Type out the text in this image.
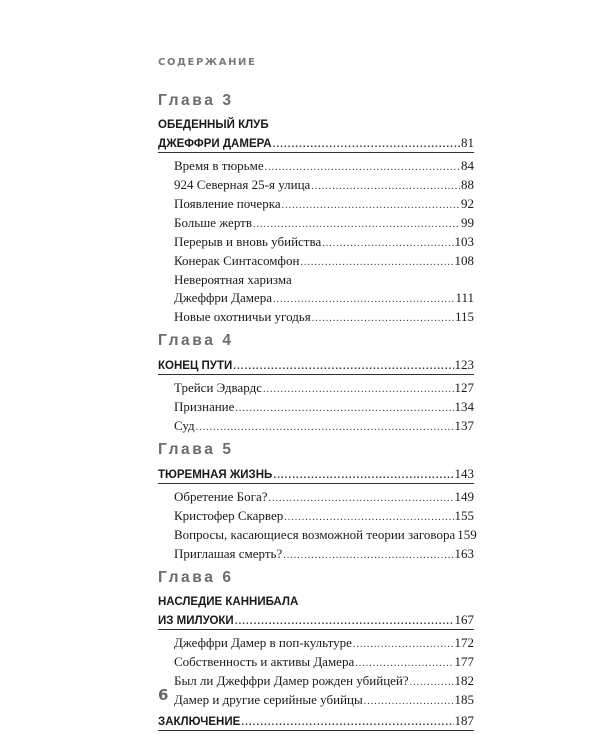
СОДЕРЖАНИЕ
Глава 3
ОБЕДЕННЫЙ КЛУБ
ДЖЕФФРИ ДАМЕРА .....	81
Время в тюрьме .....	84
924 Северная 25-я улица .....	88
Появление почерка .....	92
Больше жертв .....	99
Перерыв и вновь убийства .....	103
Конерак Синтасомфон .....	108
Невероятная харизма
Джеффри Дамера .....	111
Новые охотничьи угодья .....	115
Глава 4
КОНЕЦ ПУТИ .....	123
Трейси Эдвардс .....	127
Признание .....	134
Суд .....	137
Глава 5
ТЮРЕМНАЯ ЖИЗНЬ .....	143
Обретение Бога? .....	149
Кристофер Скарвер .....	155
Вопросы, касающиеся возможной теории заговора 159
Приглашая смерть? .....	163
Глава 6
НАСЛЕДИЕ КАННИБАЛА
ИЗ МИЛУОКИ .....	167
Джеффри Дамер в поп-культуре .....	172
Собственность и активы Дамера .....	177
Был ли Джеффри Дамер рожден убийцей? .....	182
Дамер и другие серийные убийцы .....	185
ЗАКЛЮЧЕНИЕ .....	187
6
